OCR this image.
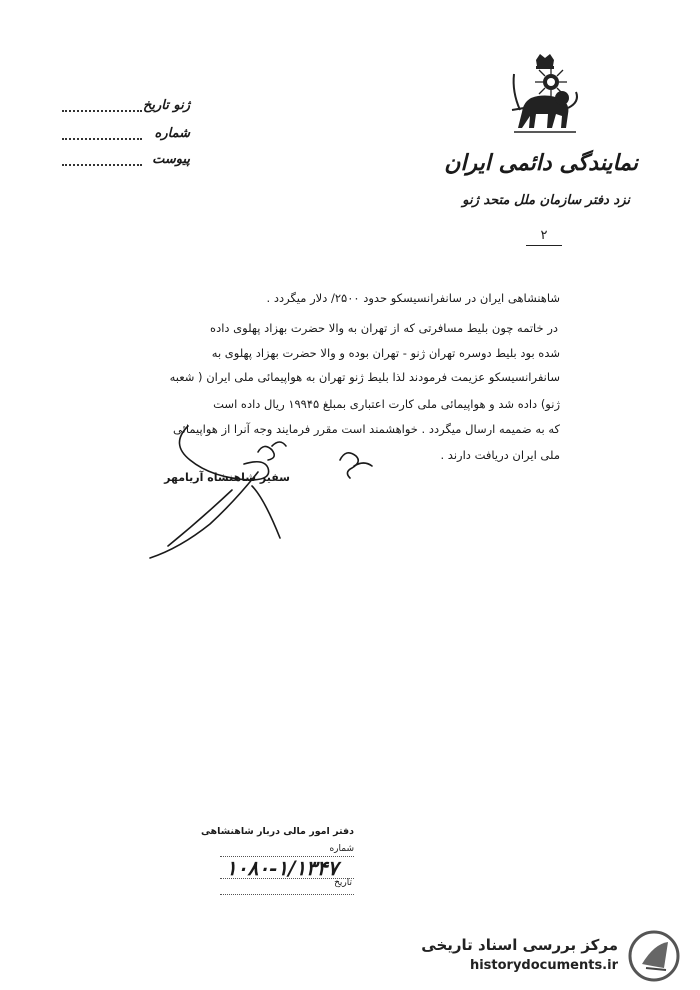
ژنو تاریخ
شماره
پیوست	نمایندگی دائمی ایران
نزد دفتر سازمان ملل متحد ژنو
۲
شاهنشاهی ایران در سانفرانسیسکو حدود ۲۵۰۰/ دلار میگردد .
در خاتمه چون بلیط مسافرتی که از تهران به والا حضرت بهزاد پهلوی داده
شده بود بلیط دوسره تهران ژنو - تهران بوده و والا حضرت بهزاد پهلوی به
سانفرانسیسکو عزیمت فرمودند لذا بلیط ژنو تهران به هواپیمائی ملی ایران ( شعبه
ژنو) داده شد و هواپیمائی ملی کارت اعتباری بمبلغ ۱۹۹۴۵ ریال داده است
که به ضمیمه ارسال میگردد . خواهشمند است مقرر فرمایند وجه آنرا از هواپیمائی
ملی ایران دریافت دارند .
سفیر شاهنشاه آریامهر
دفتر امور مالی دربار شاهنشاهی
شماره
۱۰۸۰-۱/۱۳۴۷
تاریخ
مرکز بررسی اسناد تاریخی
historydocuments.ir
